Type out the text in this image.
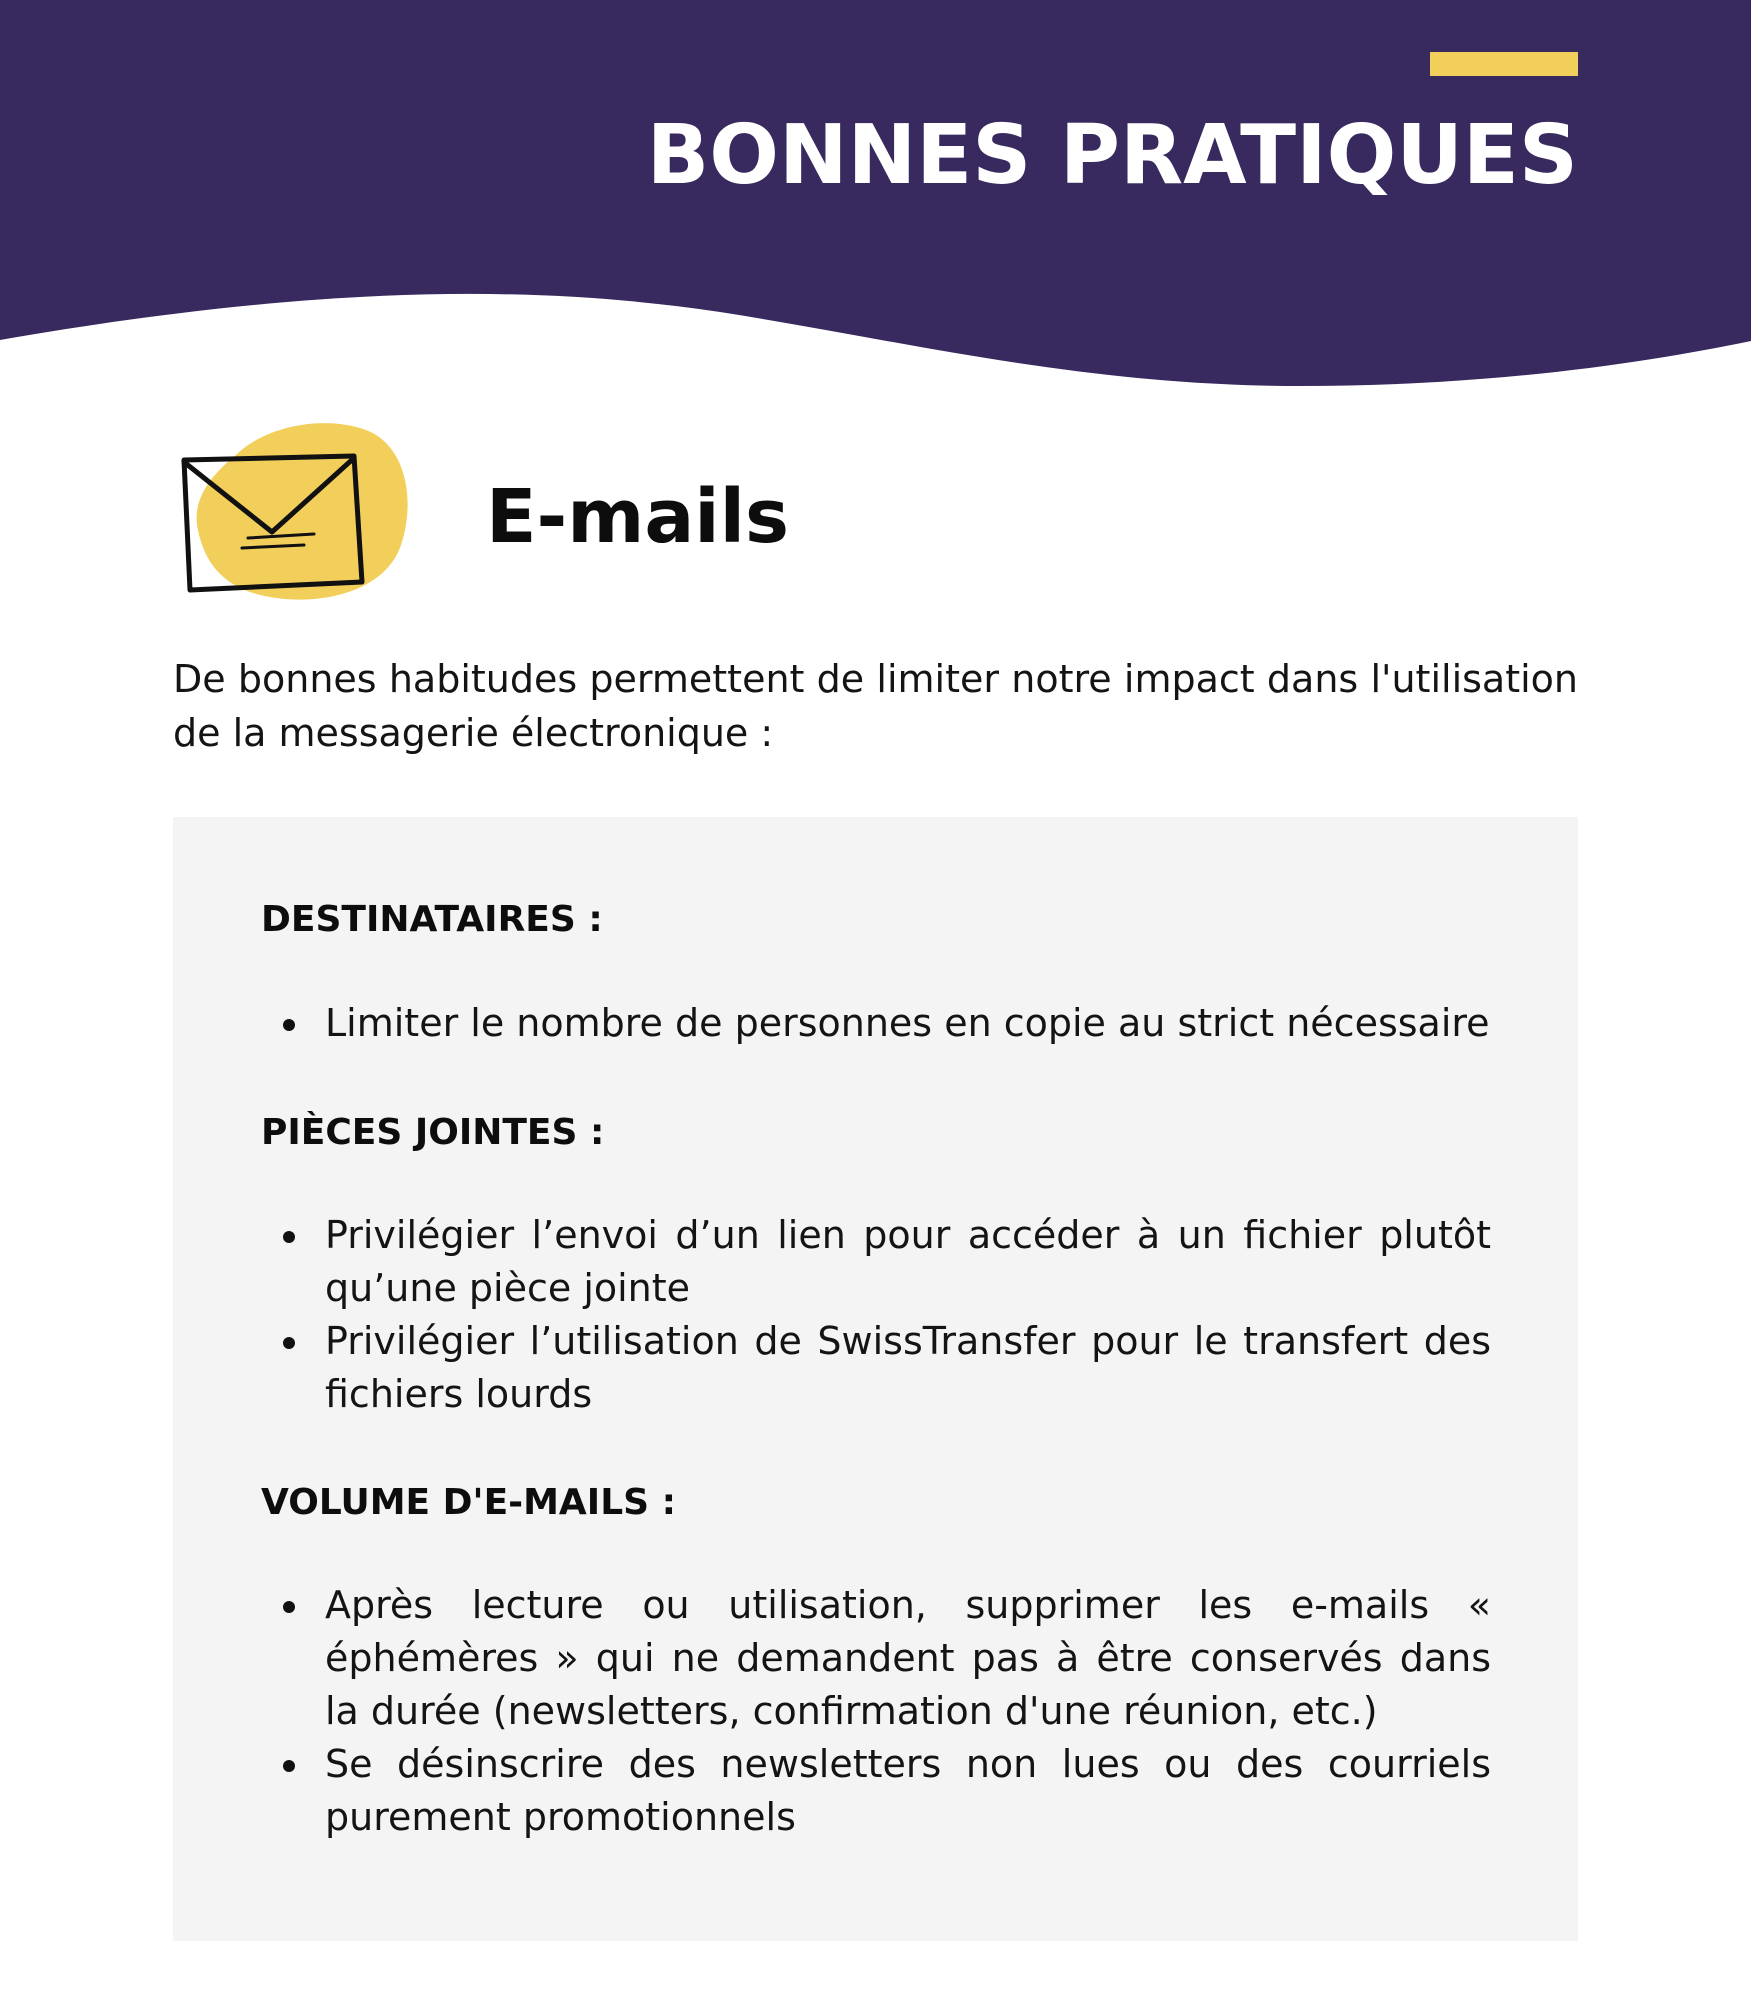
BONNES PRATIQUES
E-mails

De bonnes habitudes permettent de limiter notre impact dans l'utilisation de la messagerie électronique :

DESTINATAIRES :
Limiter le nombre de personnes en copie au strict nécessaire
PIÈCES JOINTES :
Privilégier l’envoi d’un lien pour accéder à un fichier plutôt qu’une pièce jointe
Privilégier l’utilisation de SwissTransfer pour le transfert des fichiers lourds
VOLUME D'E-MAILS :
Après lecture ou utilisation, supprimer les e-mails « éphémères » qui ne demandent pas à être conservés dans la durée (newsletters, confirmation d'une réunion, etc.)
Se désinscrire des newsletters non lues ou des courriels purement promotionnels
